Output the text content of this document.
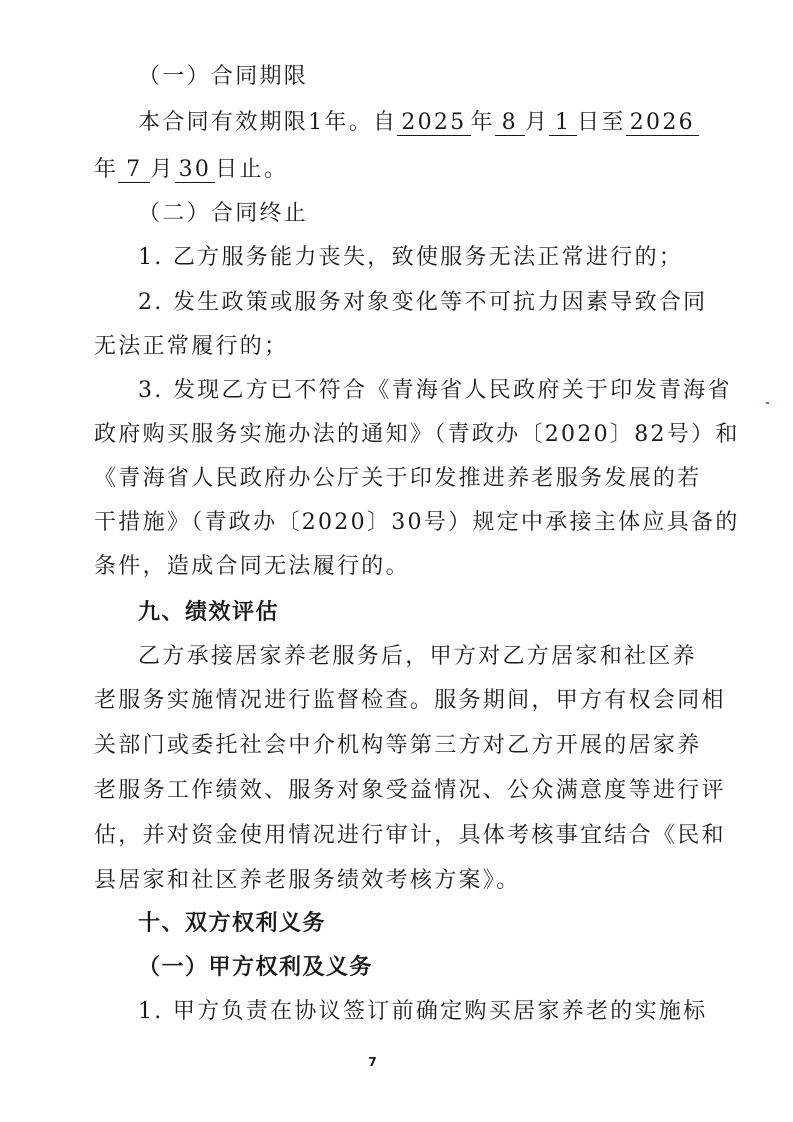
（一）合同期限
本合同有效期限1年。自 2025 年 8 月 1 日至 2026
年 7 月 30 日止。
（二）合同终止
1. 乙方服务能力丧失，致使服务无法正常进行的；
2. 发生政策或服务对象变化等不可抗力因素导致合同
无法正常履行的；
3. 发现乙方已不符合《青海省人民政府关于印发青海省
政府购买服务实施办法的通知》（青政办〔2020〕82号）和
《青海省人民政府办公厅关于印发推进养老服务发展的若
干措施》（青政办〔2020〕30号）规定中承接主体应具备的
条件，造成合同无法履行的。
九、绩效评估
乙方承接居家养老服务后，甲方对乙方居家和社区养
老服务实施情况进行监督检查。服务期间，甲方有权会同相
关部门或委托社会中介机构等第三方对乙方开展的居家养
老服务工作绩效、服务对象受益情况、公众满意度等进行评
估，并对资金使用情况进行审计，具体考核事宜结合《民和
县居家和社区养老服务绩效考核方案》。
十、双方权利义务
（一）甲方权利及义务
1. 甲方负责在协议签订前确定购买居家养老的实施标
7
